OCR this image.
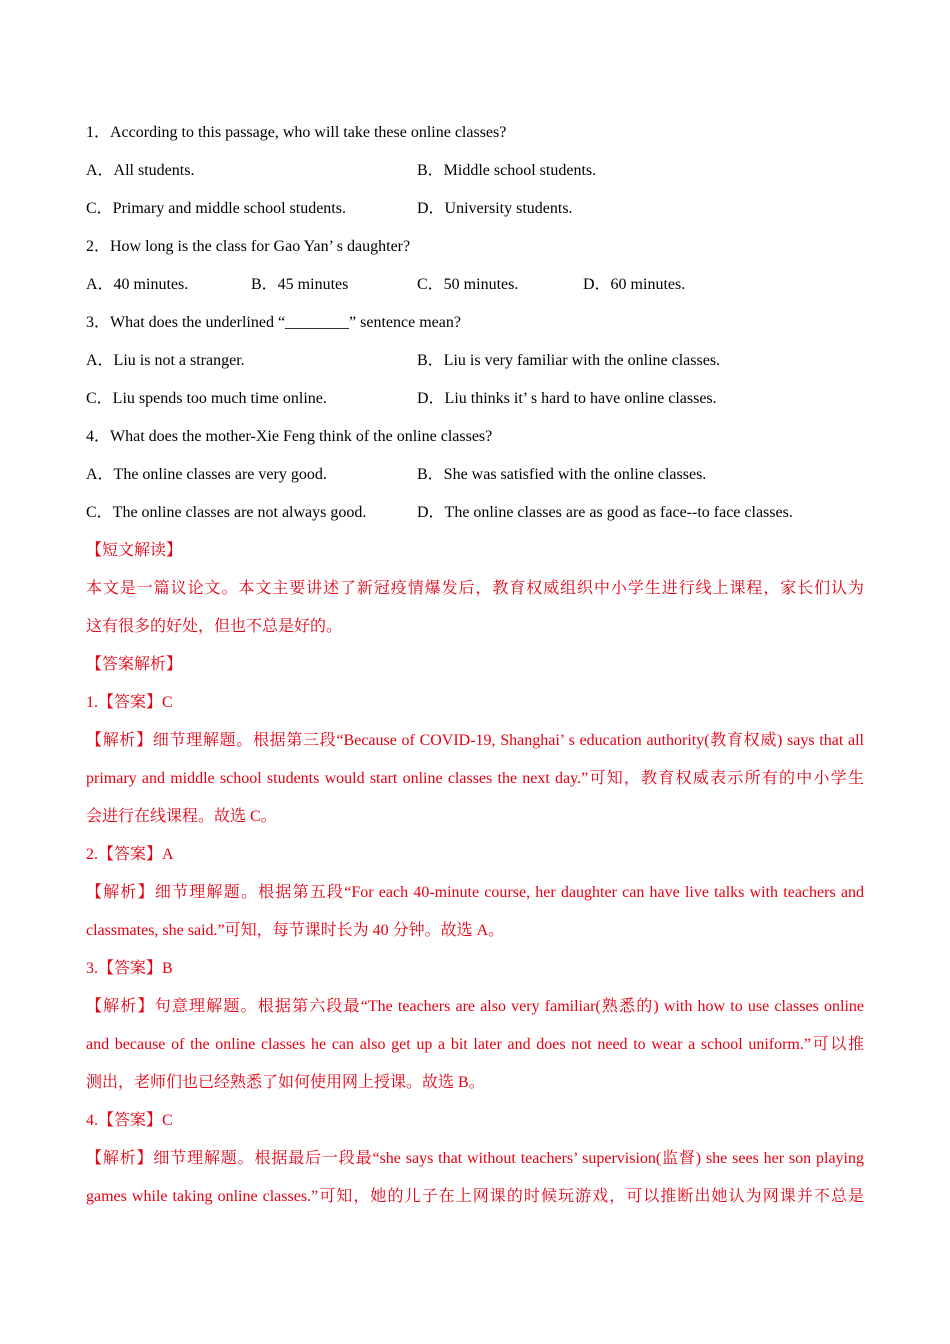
1．According to this passage, who will take these online classes?
A．All students.	B．Middle school students.
C．Primary and middle school students.	D．University students.
2．How long is the class for Gao Yan’ s daughter?
A．40 minutes.	B．45 minutes	C．50 minutes.	D．60 minutes.
3．What does the underlined “________” sentence mean?
A．Liu is not a stranger.	B．Liu is very familiar with the online classes.
C．Liu spends too much time online.	D．Liu thinks it’ s hard to have online classes.
4．What does the mother-Xie Feng think of the online classes?
A．The online classes are very good.	B．She was satisfied with the online classes.
C．The online classes are not always good.	D．The online classes are as good as face--to face classes.
【短文解读】
本文是一篇议论文。本文主要讲述了新冠疫情爆发后，教育权威组织中小学生进行线上课程，家长们认为
这有很多的好处，但也不总是好的。
【答案解析】
1.【答案】C
【解析】细节理解题。根据第三段“Because of COVID-19, Shanghai’ s education authority(教育权威) says that all
primary and middle school students would start online classes the next day.”可知，教育权威表示所有的中小学生
会进行在线课程。故选 C。
2.【答案】A
【解析】细节理解题。根据第五段“For each 40-minute course, her daughter can have live talks with teachers and
classmates, she said.”可知，每节课时长为 40 分钟。故选 A。
3.【答案】B
【解析】句意理解题。根据第六段最“The teachers are also very familiar(熟悉的) with how to use classes online
and because of the online classes he can also get up a bit later and does not need to wear a school uniform.”可以推
测出，老师们也已经熟悉了如何使用网上授课。故选 B。
4.【答案】C
【解析】细节理解题。根据最后一段最“she says that without teachers’ supervision(监督) she sees her son playing
games while taking online classes.”可知，她的儿子在上网课的时候玩游戏，可以推断出她认为网课并不总是
